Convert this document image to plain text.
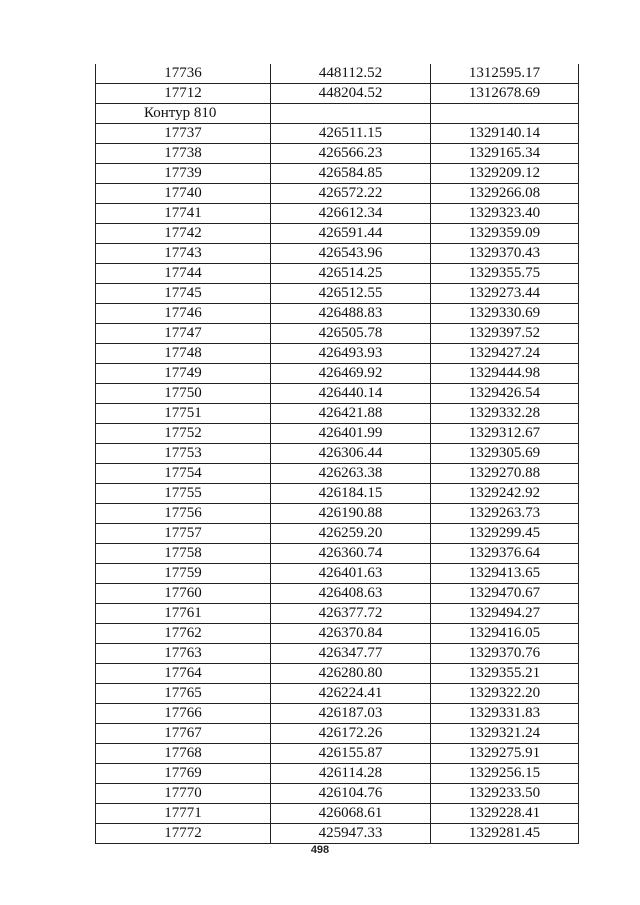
17736	448112.52	1312595.17
17712	448204.52	1312678.69
Контур 810		
17737	426511.15	1329140.14
17738	426566.23	1329165.34
17739	426584.85	1329209.12
17740	426572.22	1329266.08
17741	426612.34	1329323.40
17742	426591.44	1329359.09
17743	426543.96	1329370.43
17744	426514.25	1329355.75
17745	426512.55	1329273.44
17746	426488.83	1329330.69
17747	426505.78	1329397.52
17748	426493.93	1329427.24
17749	426469.92	1329444.98
17750	426440.14	1329426.54
17751	426421.88	1329332.28
17752	426401.99	1329312.67
17753	426306.44	1329305.69
17754	426263.38	1329270.88
17755	426184.15	1329242.92
17756	426190.88	1329263.73
17757	426259.20	1329299.45
17758	426360.74	1329376.64
17759	426401.63	1329413.65
17760	426408.63	1329470.67
17761	426377.72	1329494.27
17762	426370.84	1329416.05
17763	426347.77	1329370.76
17764	426280.80	1329355.21
17765	426224.41	1329322.20
17766	426187.03	1329331.83
17767	426172.26	1329321.24
17768	426155.87	1329275.91
17769	426114.28	1329256.15
17770	426104.76	1329233.50
17771	426068.61	1329228.41
17772	425947.33	1329281.45
498
